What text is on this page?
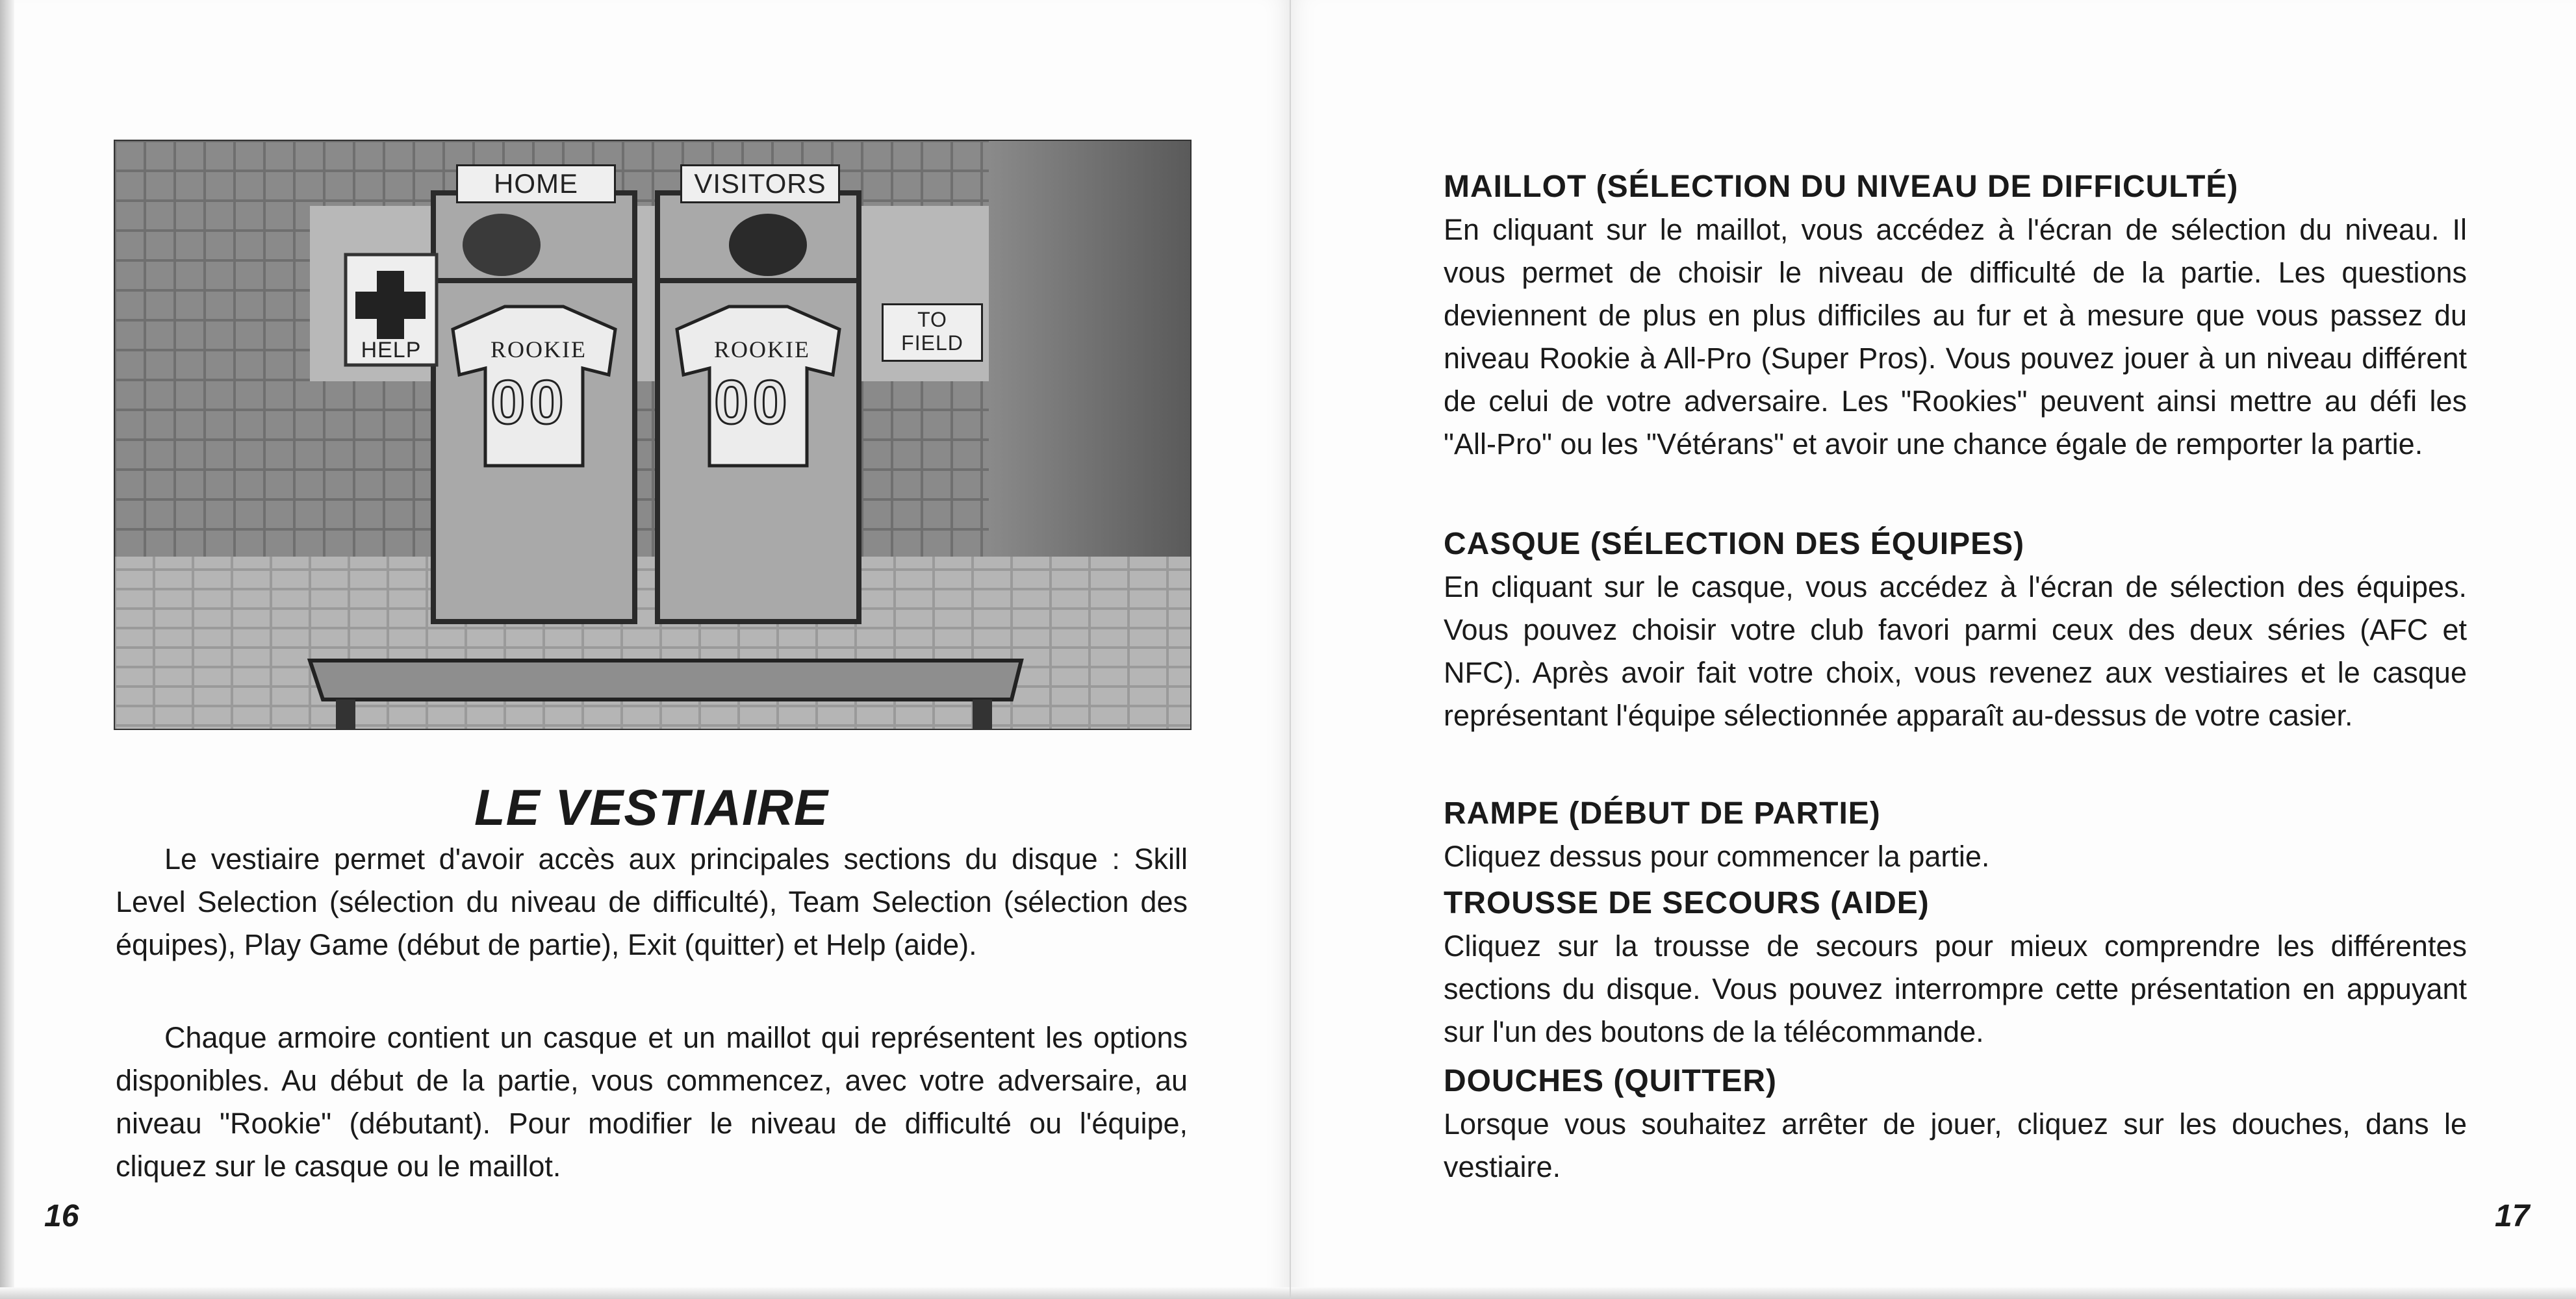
HOME	VISITORS
HELP
TO FIELD
ROOKIE	ROOKIE
00 00
LE VESTIAIRE
Le vestiaire permet d'avoir accès aux principales sections du disque : Skill Level Selection (sélection du niveau de difficulté), Team Selection (sélection des équipes), Play Game (début de partie), Exit (quitter) et Help (aide).
Chaque armoire contient un casque et un maillot qui représentent les options disponibles. Au début de la partie, vous commencez, avec votre adversaire, au niveau "Rookie" (débutant). Pour modifier le niveau de difficulté ou l'équipe, cliquez sur le casque ou le maillot.
16
MAILLOT (SÉLECTION DU NIVEAU DE DIFFICULTÉ)
En cliquant sur le maillot, vous accédez à l'écran de sélection du niveau. Il vous permet de choisir le niveau de difficulté de la partie. Les questions deviennent de plus en plus difficiles au fur et à mesure que vous passez du niveau Rookie à All-Pro (Super Pros). Vous pouvez jouer à un niveau différent de celui de votre adversaire. Les "Rookies" peuvent ainsi mettre au défi les "All-Pro" ou les "Vétérans" et avoir une chance égale de remporter la partie.
CASQUE (SÉLECTION DES ÉQUIPES)
En cliquant sur le casque, vous accédez à l'écran de sélection des équipes. Vous pouvez choisir votre club favori parmi ceux des deux séries (AFC et NFC). Après avoir fait votre choix, vous revenez aux vestiaires et le casque représentant l'équipe sélectionnée apparaît au-dessus de votre casier.
RAMPE (DÉBUT DE PARTIE)
Cliquez dessus pour commencer la partie.
TROUSSE DE SECOURS (AIDE)
Cliquez sur la trousse de secours pour mieux comprendre les différentes sections du disque. Vous pouvez interrompre cette présentation en appuyant sur l'un des boutons de la télécommande.
DOUCHES (QUITTER)
Lorsque vous souhaitez arrêter de jouer, cliquez sur les douches, dans le vestiaire.
17
